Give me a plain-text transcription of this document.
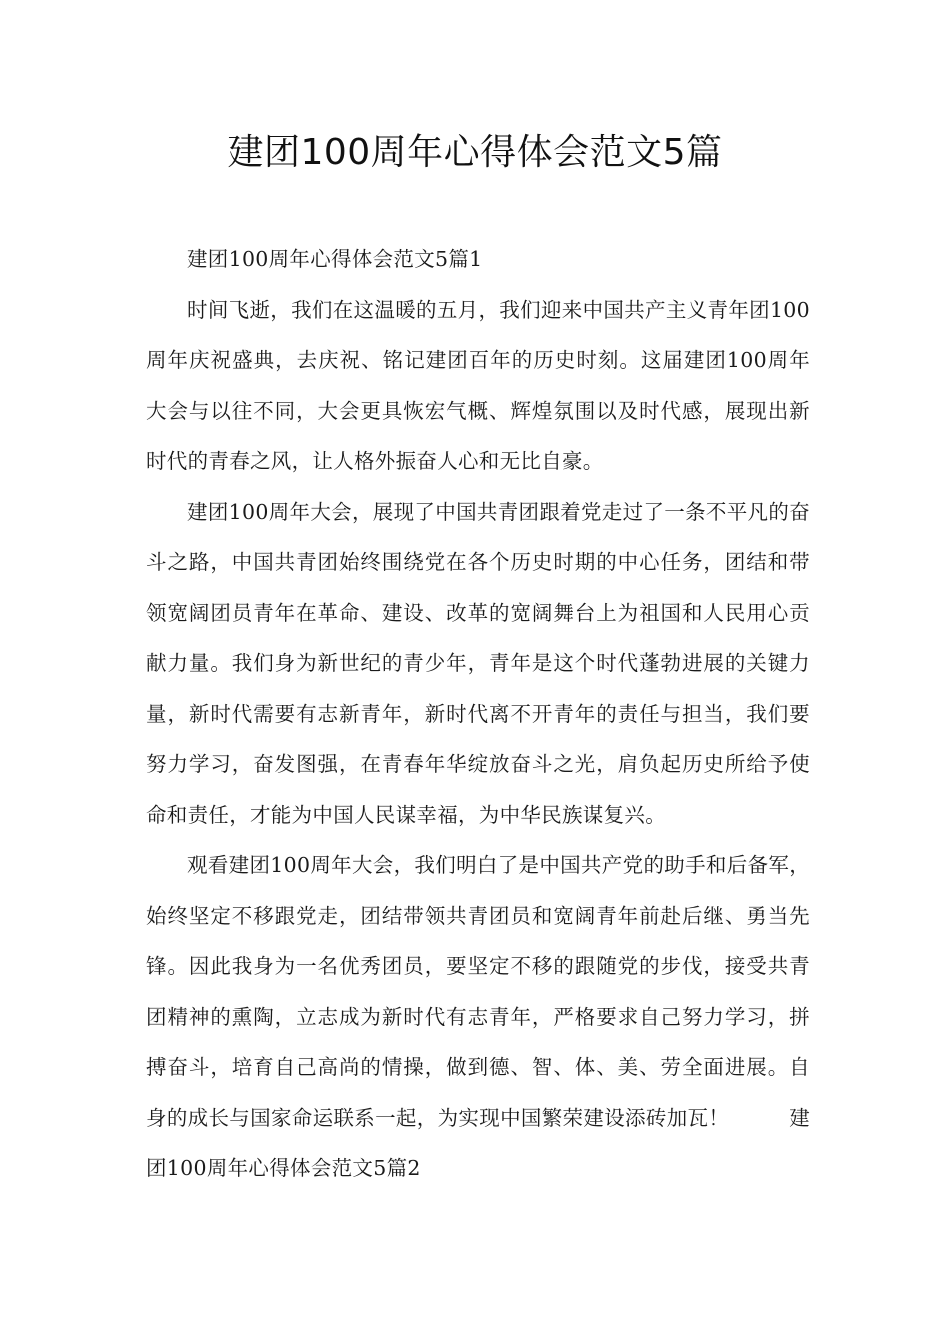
建团100周年心得体会范文5篇

建团100周年心得体会范文5篇1

时间飞逝，我们在这温暖的五月，我们迎来中国共产主义青年团100周年庆祝盛典，去庆祝、铭记建团百年的历史时刻。这届建团100周年大会与以往不同，大会更具恢宏气概、辉煌氛围以及时代感，展现出新时代的青春之风，让人格外振奋人心和无比自豪。

建团100周年大会，展现了中国共青团跟着党走过了一条不平凡的奋斗之路，中国共青团始终围绕党在各个历史时期的中心任务，团结和带领宽阔团员青年在革命、建设、改革的宽阔舞台上为祖国和人民用心贡献力量。我们身为新世纪的青少年，青年是这个时代蓬勃进展的关键力量，新时代需要有志新青年，新时代离不开青年的责任与担当，我们要努力学习，奋发图强，在青春年华绽放奋斗之光，肩负起历史所给予使命和责任，才能为中国人民谋幸福，为中华民族谋复兴。

观看建团100周年大会，我们明白了是中国共产党的助手和后备军，始终坚定不移跟党走，团结带领共青团员和宽阔青年前赴后继、勇当先锋。因此我身为一名优秀团员，要坚定不移的跟随党的步伐，接受共青团精神的熏陶，立志成为新时代有志青年，严格要求自己努力学习，拼搏奋斗，培育自己高尚的情操，做到德、智、体、美、劳全面进展。自身的成长与国家命运联系一起，为实现中国繁荣建设添砖加瓦！	建团100周年心得体会范文5篇2
